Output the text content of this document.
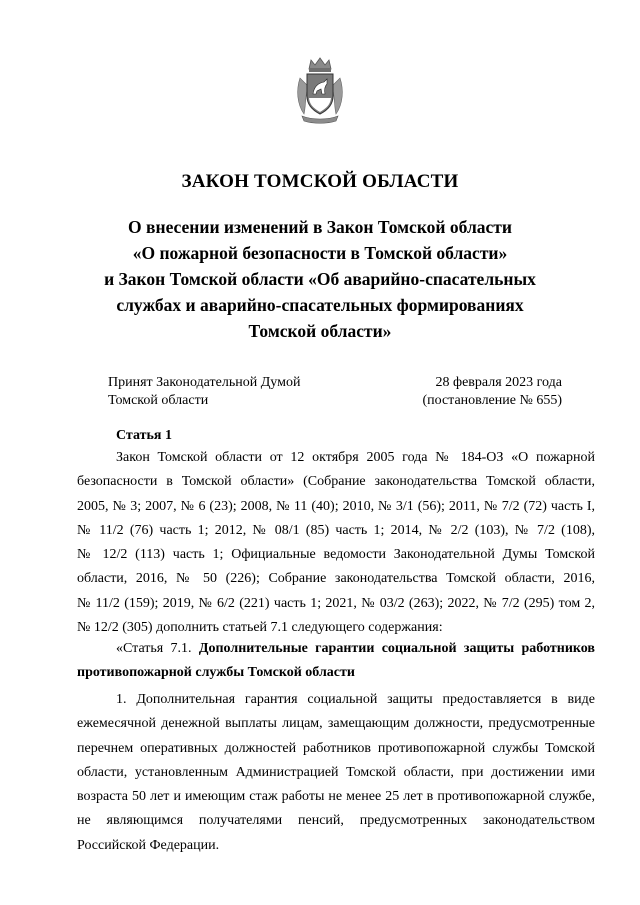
ЗАКОН ТОМСКОЙ ОБЛАСТИ
О внесении изменений в Закон Томской области
«О пожарной безопасности в Томской области»
и Закон Томской области «Об аварийно-спасательных
службах и аварийно-спасательных формированиях
Томской области»
Принят Законодательной Думой
Томской области
28 февраля 2023 года
(постановление № 655)
Статья 1
Закон Томской области от 12 октября 2005 года № 184-ОЗ «О пожарной
безопасности в Томской области» (Собрание законодательства Томской области,
2005, № 3; 2007, № 6 (23); 2008, № 11 (40); 2010, № 3/1 (56); 2011, № 7/2 (72) часть I,
№ 11/2 (76) часть 1; 2012, № 08/1 (85) часть 1; 2014, № 2/2 (103), № 7/2 (108),
№ 12/2 (113) часть 1; Официальные ведомости Законодательной Думы Томской
области, 2016, № 50 (226); Собрание законодательства Томской области, 2016,
№ 11/2 (159); 2019, № 6/2 (221) часть 1; 2021, № 03/2 (263); 2022, № 7/2 (295) том 2,
№ 12/2 (305) дополнить статьей 7.1 следующего содержания:
«Статья 7.1. Дополнительные гарантии социальной защиты работников
противопожарной службы Томской области
1. Дополнительная гарантия социальной защиты предоставляется в виде
ежемесячной денежной выплаты лицам, замещающим должности, предусмотренные
перечнем оперативных должностей работников противопожарной службы Томской
области, установленным Администрацией Томской области, при достижении ими
возраста 50 лет и имеющим стаж работы не менее 25 лет в противопожарной службе,
не являющимся получателями пенсий, предусмотренных законодательством
Российской Федерации.
